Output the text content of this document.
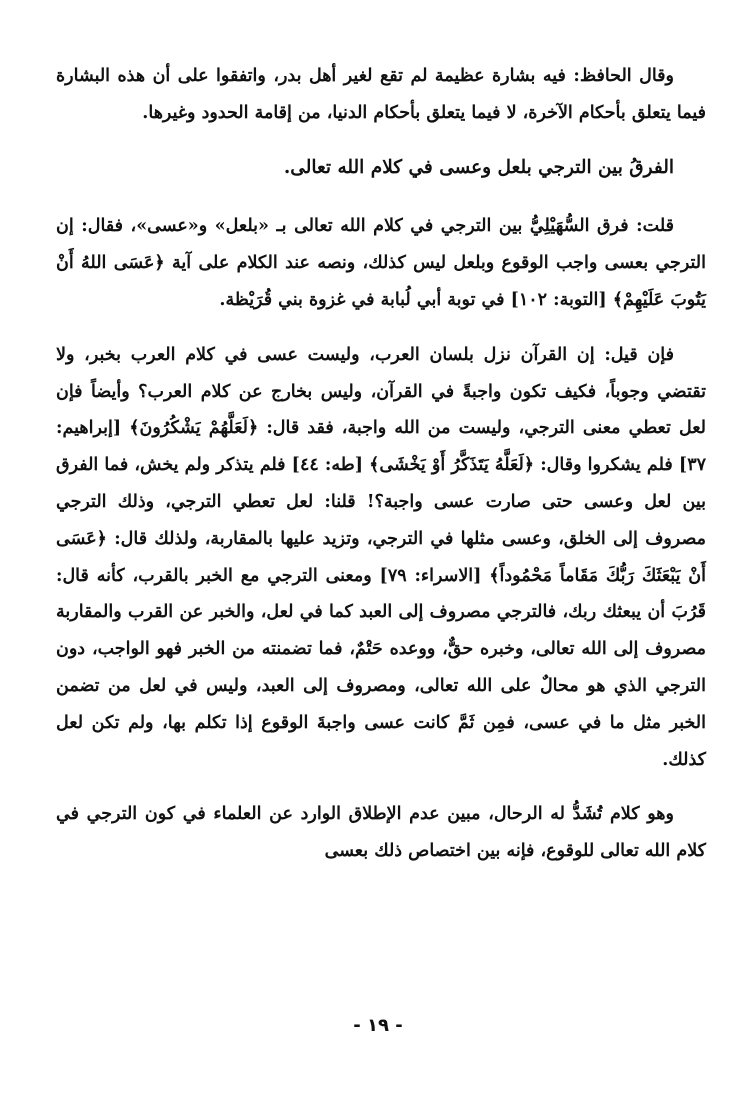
وقال الحافظ: فيه بشارة عظيمة لم تقع لغير أهل بدر، واتفقوا على أن هذه البشارة فيما يتعلق بأحكام الآخرة، لا فيما يتعلق بأحكام الدنيا، من إقامة الحدود وغيرها.

الفرقُ بين الترجي بلعل وعسى في كلام الله تعالى.

قلت: فرق السُّهَيْلِيُّ بين الترجي في كلام الله تعالى بـ «بلعل» و«عسى»، فقال: إن الترجي بعسى واجب الوقوع وبلعل ليس كذلك، ونصه عند الكلام على آية ﴿عَسَى اللهُ أَنْ يَتُوبَ عَلَيْهِمْ﴾ [التوبة: ١٠٢] في توبة أبي لُبابة في غزوة بني قُرَيْظة.

فإن قيل: إن القرآن نزل بلسان العرب، وليست عسى في كلام العرب بخبر، ولا تقتضي وجوباً، فكيف تكون واجبةً في القرآن، وليس بخارج عن كلام العرب؟ وأيضاً فإن لعل تعطي معنى الترجي، وليست من الله واجبة، فقد قال: ﴿لَعَلَّهُمْ يَشْكُرُونَ﴾ [إبراهيم: ٣٧] فلم يشكروا وقال: ﴿لَعَلَّهُ يَتَذَكَّرُ أَوْ يَخْشَى﴾ [طه: ٤٤] فلم يتذكر ولم يخش، فما الفرق بين لعل وعسى حتى صارت عسى واجبة؟! قلنا: لعل تعطي الترجي، وذلك الترجي مصروف إلى الخلق، وعسى مثلها في الترجي، وتزيد عليها بالمقاربة، ولذلك قال: ﴿عَسَى أَنْ يَبْعَثَكَ رَبُّكَ مَقَاماً مَحْمُوداً﴾ [الاسراء: ٧٩] ومعنى الترجي مع الخبر بالقرب، كأنه قال: قَرُبَ أن يبعثك ربك، فالترجي مصروف إلى العبد كما في لعل، والخبر عن القرب والمقاربة مصروف إلى الله تعالى، وخبره حقٌّ، ووعده حَتْمٌ، فما تضمنته من الخبر فهو الواجب، دون الترجي الذي هو محالٌ على الله تعالى، ومصروف إلى العبد، وليس في لعل من تضمن الخبر مثل ما في عسى، فمِن ثَمَّ كانت عسى واجبةَ الوقوع إذا تكلم بها، ولم تكن لعل كذلك.

وهو كلام تُشَدُّ له الرحال، مبين عدم الإطلاق الوارد عن العلماء في كون الترجي في كلام الله تعالى للوقوع، فإنه بين اختصاص ذلك بعسى

- ١٩ -
